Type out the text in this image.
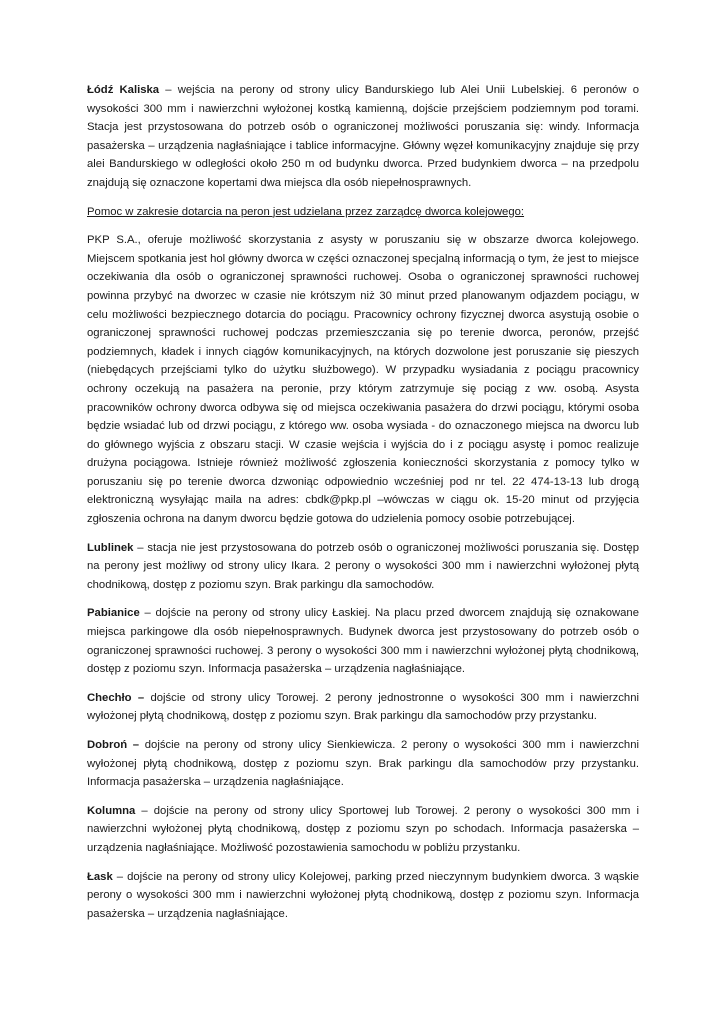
Łódź Kaliska – wejścia na perony od strony ulicy Bandurskiego lub Alei Unii Lubelskiej. 6 peronów o wysokości 300 mm i nawierzchni wyłożonej kostką kamienną, dojście przejściem podziemnym pod torami. Stacja jest przystosowana do potrzeb osób o ograniczonej możliwości poruszania się: windy. Informacja pasażerska – urządzenia nagłaśniające i tablice informacyjne. Główny węzeł komunikacyjny znajduje się przy alei Bandurskiego w odległości około 250 m od budynku dworca. Przed budynkiem dworca – na przedpolu znajdują się oznaczone kopertami dwa miejsca dla osób niepełnosprawnych.

Pomoc w zakresie dotarcia na peron jest udzielana przez zarządcę dworca kolejowego:

PKP S.A., oferuje możliwość skorzystania z asysty w poruszaniu się w obszarze dworca kolejowego. Miejscem spotkania jest hol główny dworca w części oznaczonej specjalną informacją o tym, że jest to miejsce oczekiwania dla osób o ograniczonej sprawności ruchowej. Osoba o ograniczonej sprawności ruchowej powinna przybyć na dworzec w czasie nie krótszym niż 30 minut przed planowanym odjazdem pociągu, w celu możliwości bezpiecznego dotarcia do pociągu. Pracownicy ochrony fizycznej dworca asystują osobie o ograniczonej sprawności ruchowej podczas przemieszczania się po terenie dworca, peronów, przejść podziemnych, kładek i innych ciągów komunikacyjnych, na których dozwolone jest poruszanie się pieszych (niebędących przejściami tylko do użytku służbowego). W przypadku wysiadania z pociągu pracownicy ochrony oczekują na pasażera na peronie, przy którym zatrzymuje się pociąg z ww. osobą. Asysta pracowników ochrony dworca odbywa się od miejsca oczekiwania pasażera do drzwi pociągu, którymi osoba będzie wsiadać lub od drzwi pociągu, z którego ww. osoba wysiada - do oznaczonego miejsca na dworcu lub do głównego wyjścia z obszaru stacji. W czasie wejścia i wyjścia do i z pociągu asystę i pomoc realizuje drużyna pociągowa. Istnieje również możliwość zgłoszenia konieczności skorzystania z pomocy tylko w poruszaniu się po terenie dworca dzwoniąc odpowiednio wcześniej pod nr tel. 22 474-13-13 lub drogą elektroniczną wysyłając maila na adres: cbdk@pkp.pl –wówczas w ciągu ok. 15-20 minut od przyjęcia zgłoszenia ochrona na danym dworcu będzie gotowa do udzielenia pomocy osobie potrzebującej.

Lublinek – stacja nie jest przystosowana do potrzeb osób o ograniczonej możliwości poruszania się. Dostęp na perony jest możliwy od strony ulicy Ikara. 2 perony o wysokości 300 mm i nawierzchni wyłożonej płytą chodnikową, dostęp z poziomu szyn. Brak parkingu dla samochodów.

Pabianice – dojście na perony od strony ulicy Łaskiej. Na placu przed dworcem znajdują się oznakowane miejsca parkingowe dla osób niepełnosprawnych. Budynek dworca jest przystosowany do potrzeb osób o ograniczonej sprawności ruchowej. 3 perony o wysokości 300 mm i nawierzchni wyłożonej płytą chodnikową, dostęp z poziomu szyn. Informacja pasażerska – urządzenia nagłaśniające.

Chechło – dojście od strony ulicy Torowej. 2 perony jednostronne o wysokości 300 mm i nawierzchni wyłożonej płytą chodnikową, dostęp z poziomu szyn. Brak parkingu dla samochodów przy przystanku.

Dobroń – dojście na perony od strony ulicy Sienkiewicza. 2 perony o wysokości 300 mm i nawierzchni wyłożonej płytą chodnikową, dostęp z poziomu szyn. Brak parkingu dla samochodów przy przystanku. Informacja pasażerska – urządzenia nagłaśniające.

Kolumna – dojście na perony od strony ulicy Sportowej lub Torowej. 2 perony o wysokości 300 mm i nawierzchni wyłożonej płytą chodnikową, dostęp z poziomu szyn po schodach. Informacja pasażerska – urządzenia nagłaśniające. Możliwość pozostawienia samochodu w pobliżu przystanku.

Łask – dojście na perony od strony ulicy Kolejowej, parking przed nieczynnym budynkiem dworca. 3 wąskie perony o wysokości 300 mm i nawierzchni wyłożonej płytą chodnikową, dostęp z poziomu szyn. Informacja pasażerska – urządzenia nagłaśniające.
